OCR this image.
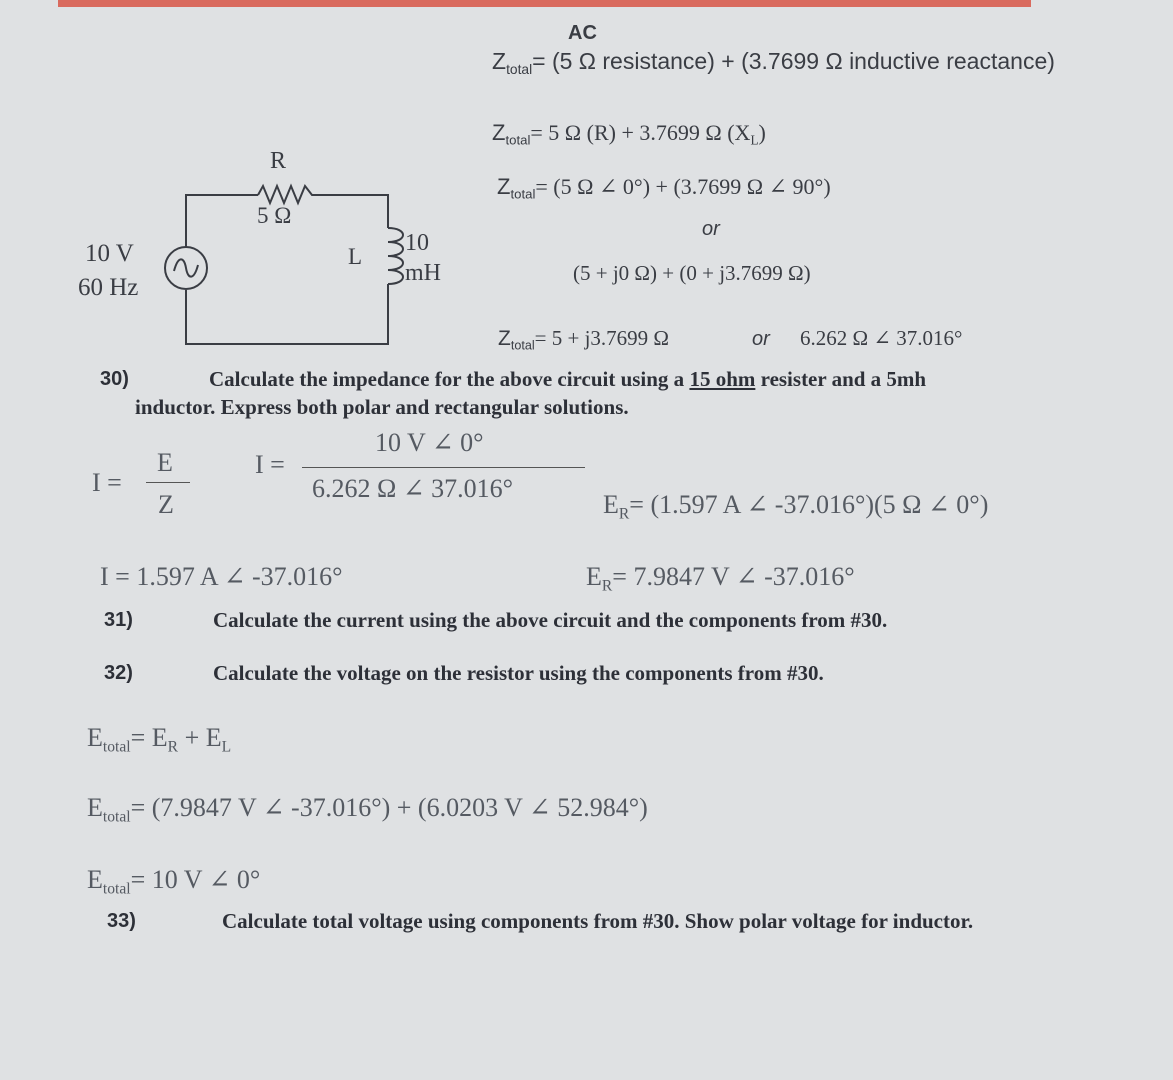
AC
$Z_{total}= (5$ Ω resistance) + (3.7699 Ω inductive reactance)
$Z_{total}= 5$ Ω (R) + 3.7699 Ω $(X_L)$
$Z_{total}= (5$ Ω ∠ 0°) + (3.7699 Ω ∠ 90°)
or
(5 + j0 Ω) + (0 + j3.7699 Ω)
$Z_{total}= 5 + j3.7699$ Ω	or 6.262 Ω ∠ 37.016°
R
5 Ω
10 V
60 Hz
L
10
mH
30)	Calculate the impedance for the above circuit using a 15 ohm resister and a 5mh
inductor. Express both polar and rectangular solutions.
I =
E
Z
I =
10 V ∠ 0°
6.262 Ω ∠ 37.016°
$E_R= (1.597$ A ∠ -37.016°)(5 Ω ∠ 0°)
I = 1.597 A ∠ -37.016°	$E_R= 7.9847$ V ∠ -37.016°
31)	Calculate the current using the above circuit and the components from #30.
32)	Calculate the voltage on the resistor using the components from #30.
$E_{total}= E_R + E_L$
$E_{total}= (7.9847$ V ∠ -37.016°) + (6.0203 V ∠ 52.984°)
$E_{total}= 10$ V ∠ 0°
33)	Calculate total voltage using components from #30. Show polar voltage for inductor.
